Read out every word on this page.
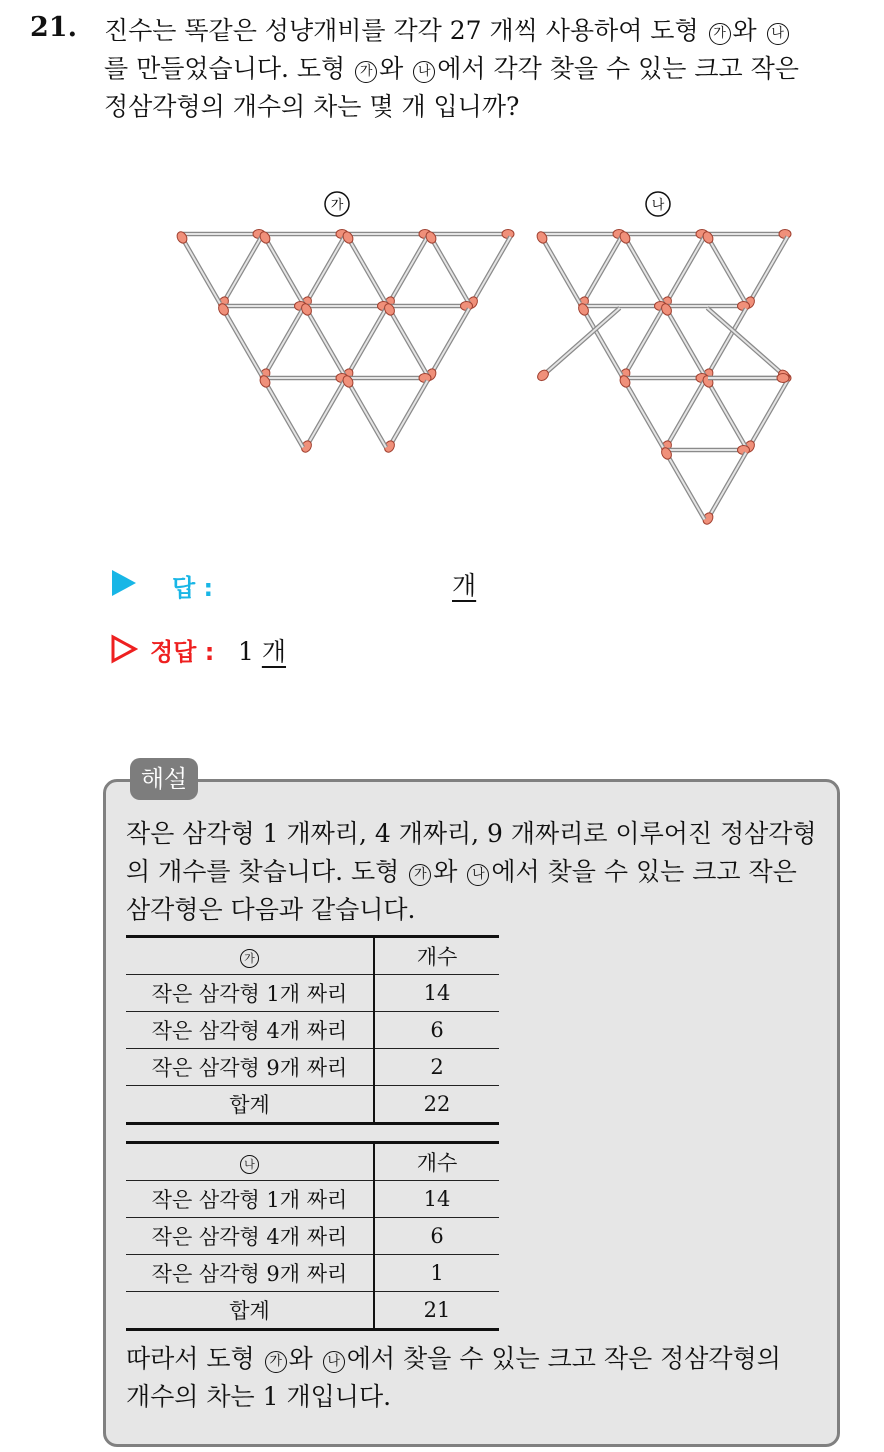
21. 진수는 똑같은 성냥개비를 각각 27 개씩 사용하여 도형 가 와 나
를 만들었습니다. 도형 가 와 나 에서 각각 찾을 수 있는 크고 작은
정삼각형의 개수의 차는 몇 개 입니까?

가	나
답 :	개
정답 : 1 개
해설

작은 삼각형 1 개짜리, 4 개짜리, 9 개짜리로 이루어진 정삼각형
의 개수를 찾습니다. 도형 가 와 나 에서 찾을 수 있는 크고 작은
삼각형은 다음과 같습니다.

가	개수
작은 삼각형 1개 짜리	14
작은 삼각형 4개 짜리	6
작은 삼각형 9개 짜리	2
합계	22
나	개수
작은 삼각형 1개 짜리	14
작은 삼각형 4개 짜리	6
작은 삼각형 9개 짜리	1
합계	21

따라서 도형 가 와 나 에서 찾을 수 있는 크고 작은 정삼각형의
개수의 차는 1 개입니다.
